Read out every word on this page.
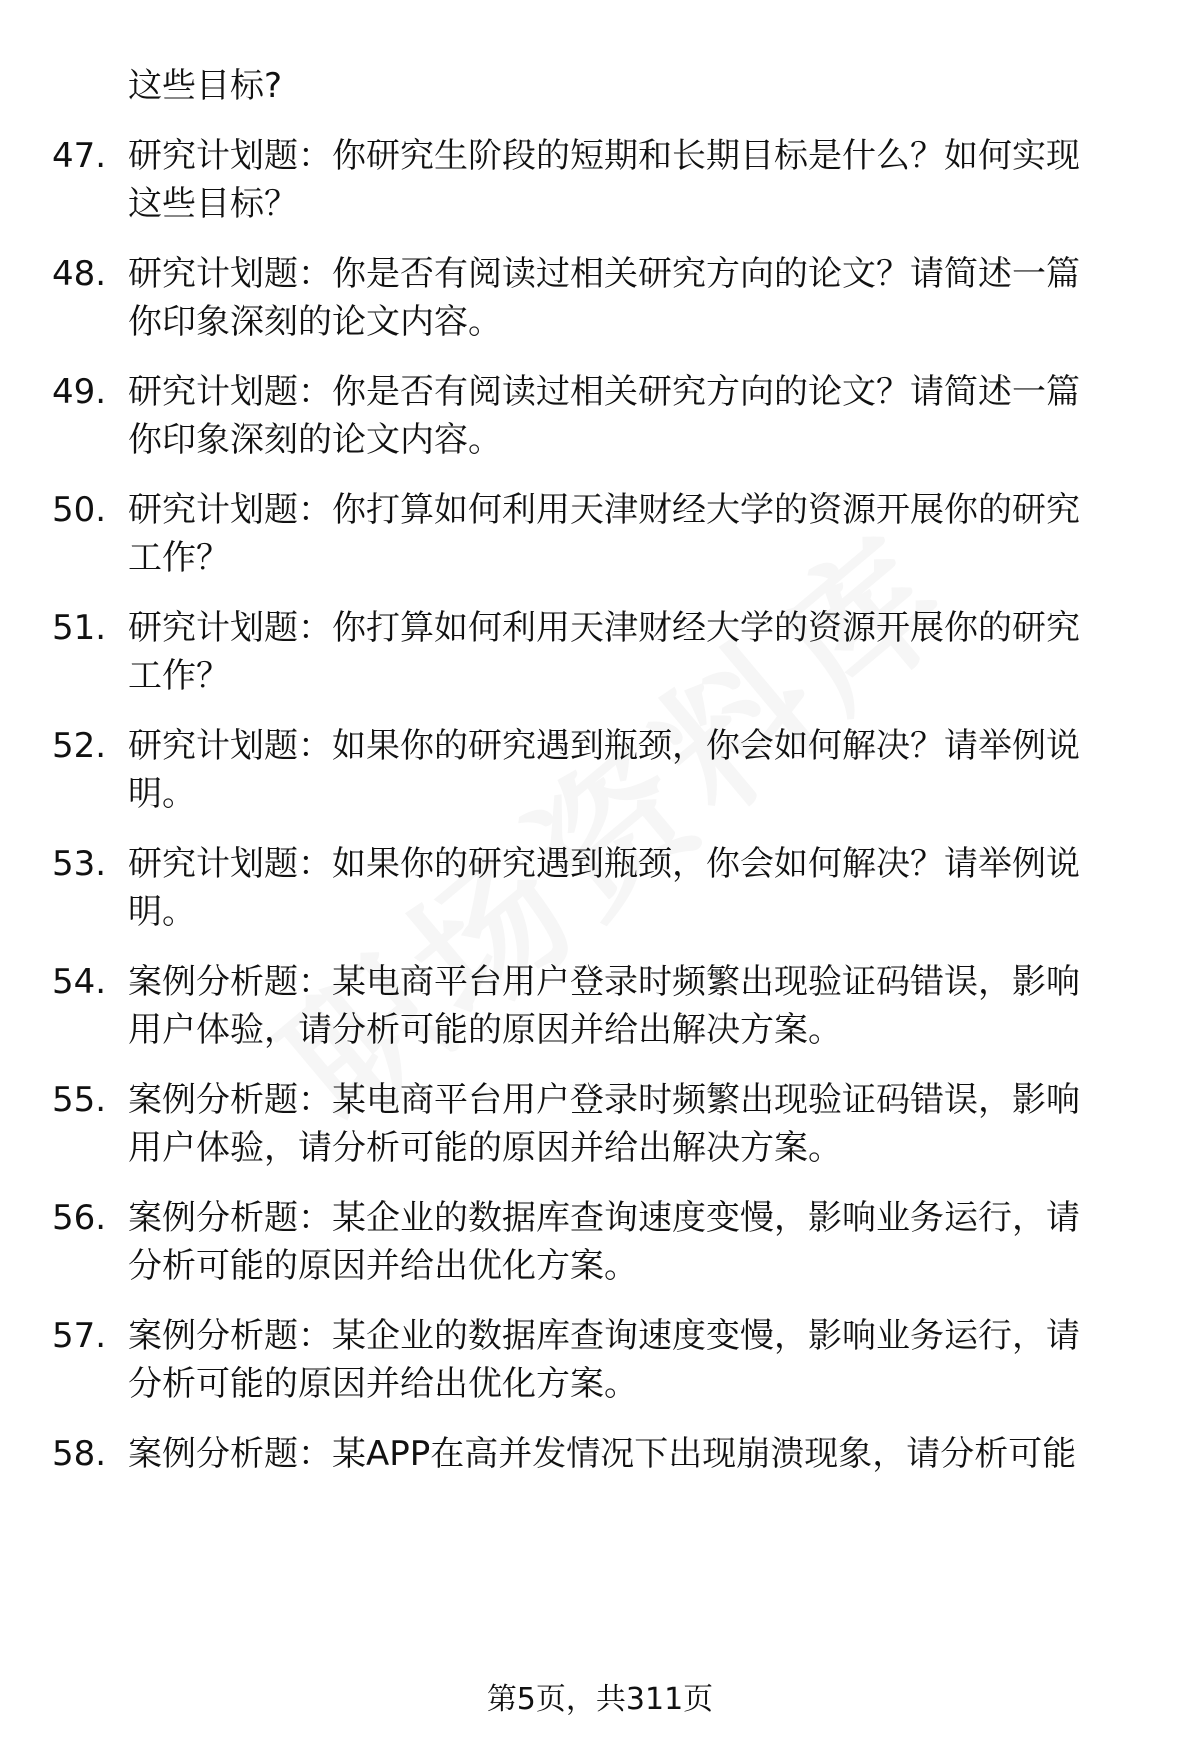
这些目标?
47. 研究计划题：你研究生阶段的短期和长期目标是什么？如何实现
这些目标？
48. 研究计划题：你是否有阅读过相关研究方向的论文？请简述一篇
你印象深刻的论文内容。
49. 研究计划题：你是否有阅读过相关研究方向的论文？请简述一篇
你印象深刻的论文内容。
50. 研究计划题：你打算如何利用天津财经大学的资源开展你的研究
工作？
51. 研究计划题：你打算如何利用天津财经大学的资源开展你的研究
工作？
52. 研究计划题：如果你的研究遇到瓶颈，你会如何解决？请举例说
明。
53. 研究计划题：如果你的研究遇到瓶颈，你会如何解决？请举例说
明。
54. 案例分析题：某电商平台用户登录时频繁出现验证码错误，影响
用户体验，请分析可能的原因并给出解决方案。
55. 案例分析题：某电商平台用户登录时频繁出现验证码错误，影响
用户体验，请分析可能的原因并给出解决方案。
56. 案例分析题：某企业的数据库查询速度变慢，影响业务运行，请
分析可能的原因并给出优化方案。
57. 案例分析题：某企业的数据库查询速度变慢，影响业务运行，请
分析可能的原因并给出优化方案。
58. 案例分析题：某APP在高并发情况下出现崩溃现象，请分析可能
第5页，共311页
